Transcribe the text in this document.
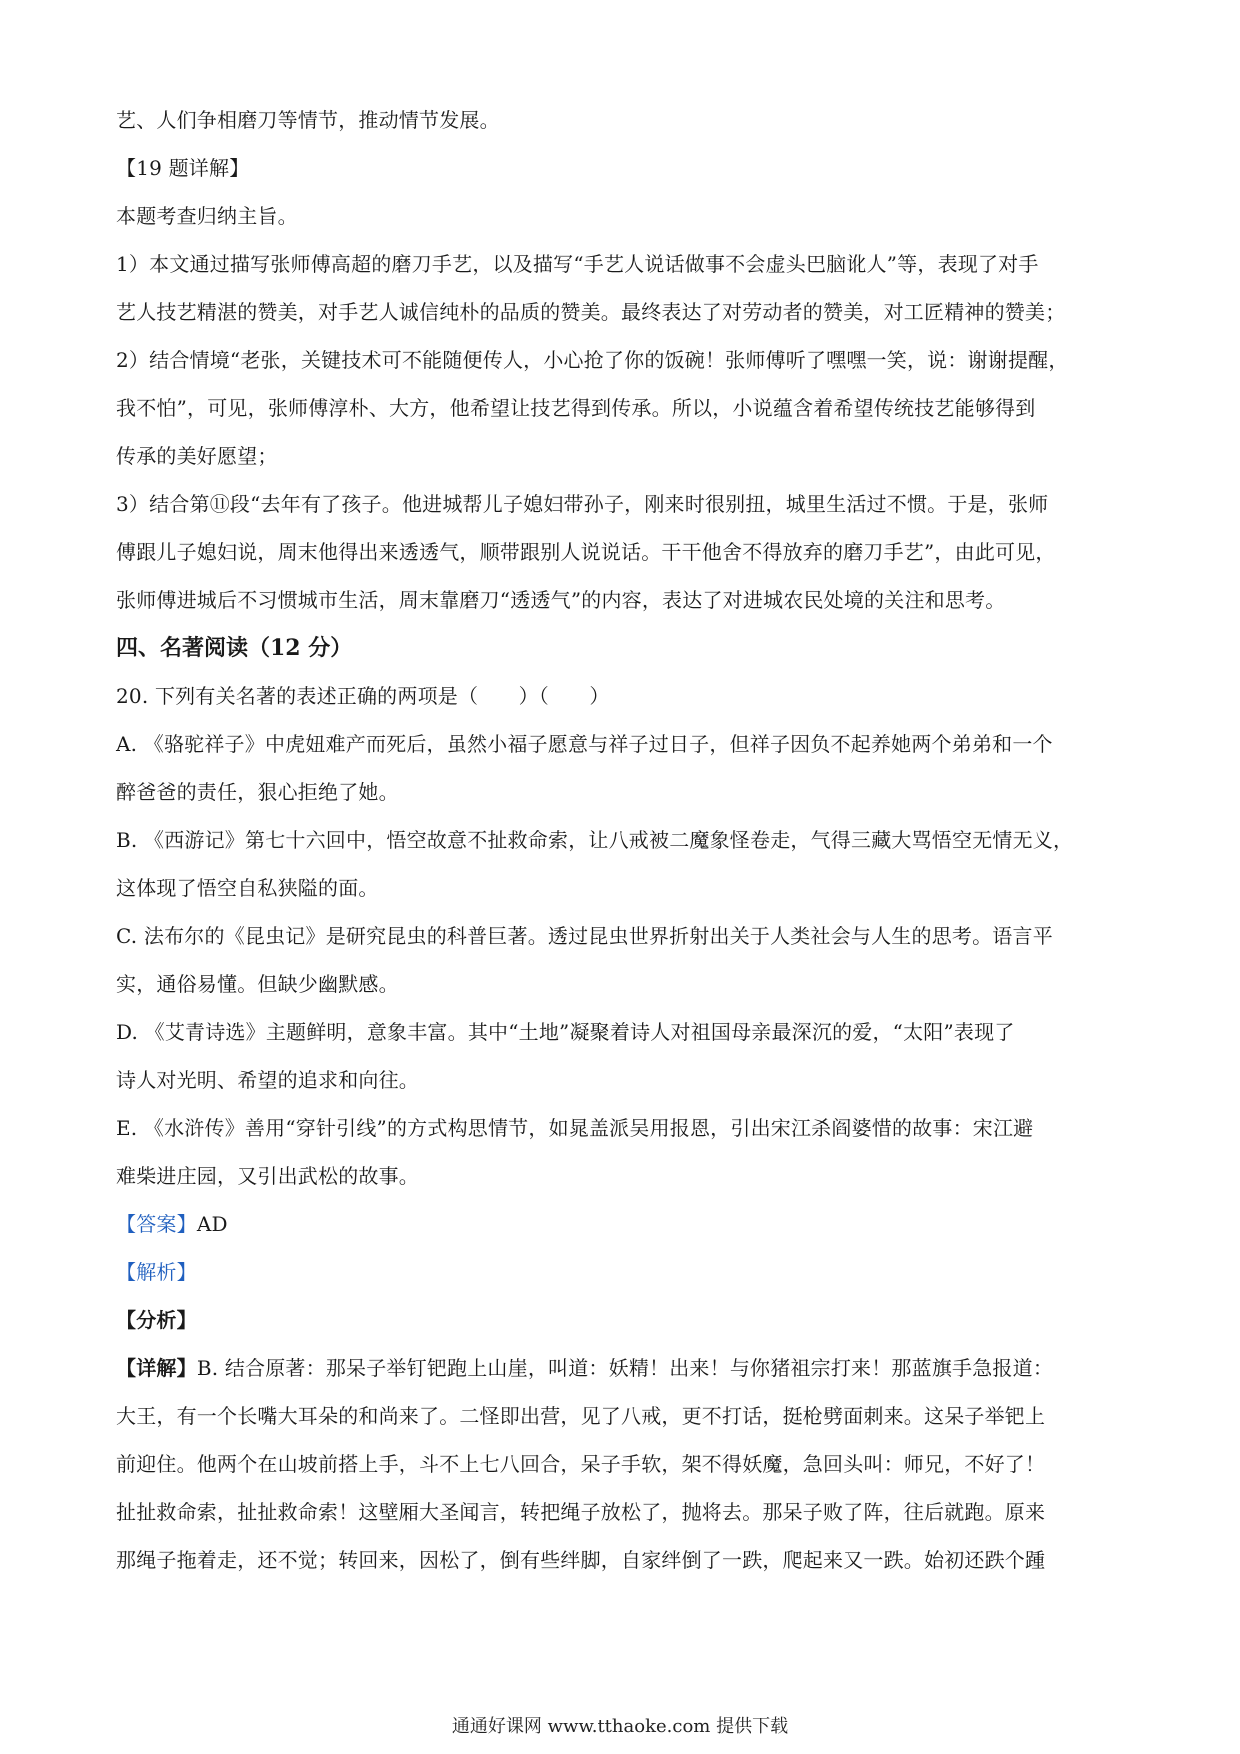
艺、人们争相磨刀等情节，推动情节发展。
【19 题详解】
本题考查归纳主旨。
1）本文通过描写张师傅高超的磨刀手艺，以及描写“手艺人说话做事不会虚头巴脑讹人”等，表现了对手
艺人技艺精湛的赞美，对手艺人诚信纯朴的品质的赞美。最终表达了对劳动者的赞美，对工匠精神的赞美；
2）结合情境“老张，关键技术可不能随便传人，小心抢了你的饭碗！张师傅听了嘿嘿一笑，说：谢谢提醒，
我不怕”，可见，张师傅淳朴、大方，他希望让技艺得到传承。所以，小说蕴含着希望传统技艺能够得到
传承的美好愿望；
3）结合第⑪段“去年有了孩子。他进城帮儿子媳妇带孙子，刚来时很别扭，城里生活过不惯。于是，张师
傅跟儿子媳妇说，周末他得出来透透气，顺带跟别人说说话。干干他舍不得放弃的磨刀手艺”，由此可见，
张师傅进城后不习惯城市生活，周末靠磨刀“透透气”的内容，表达了对进城农民处境的关注和思考。
四、名著阅读（12 分）
20. 下列有关名著的表述正确的两项是（　　）（　　）
A. 《骆驼祥子》中虎妞难产而死后，虽然小福子愿意与祥子过日子，但祥子因负不起养她两个弟弟和一个
醉爸爸的责任，狠心拒绝了她。
B. 《西游记》第七十六回中，悟空故意不扯救命索，让八戒被二魔象怪卷走，气得三藏大骂悟空无情无义，
这体现了悟空自私狭隘的面。
C. 法布尔的《昆虫记》是研究昆虫的科普巨著。透过昆虫世界折射出关于人类社会与人生的思考。语言平
实，通俗易懂。但缺少幽默感。
D. 《艾青诗选》主题鲜明，意象丰富。其中“土地”凝聚着诗人对祖国母亲最深沉的爱，“太阳”表现了
诗人对光明、希望的追求和向往。
E. 《水浒传》善用“穿针引线”的方式构思情节，如晁盖派吴用报恩，引出宋江杀阎婆惜的故事：宋江避
难柴进庄园，又引出武松的故事。
【答案】AD
【解析】
【分析】
【详解】B. 结合原著：那呆子举钉钯跑上山崖，叫道：妖精！出来！与你猪祖宗打来！那蓝旗手急报道：
大王，有一个长嘴大耳朵的和尚来了。二怪即出营，见了八戒，更不打话，挺枪劈面刺来。这呆子举钯上
前迎住。他两个在山坡前搭上手，斗不上七八回合，呆子手软，架不得妖魔，急回头叫：师兄，不好了！
扯扯救命索，扯扯救命索！这壁厢大圣闻言，转把绳子放松了，抛将去。那呆子败了阵，往后就跑。原来
那绳子拖着走，还不觉；转回来，因松了，倒有些绊脚，自家绊倒了一跌，爬起来又一跌。始初还跌个踵
通通好课网 www.tthaoke.com 提供下载
